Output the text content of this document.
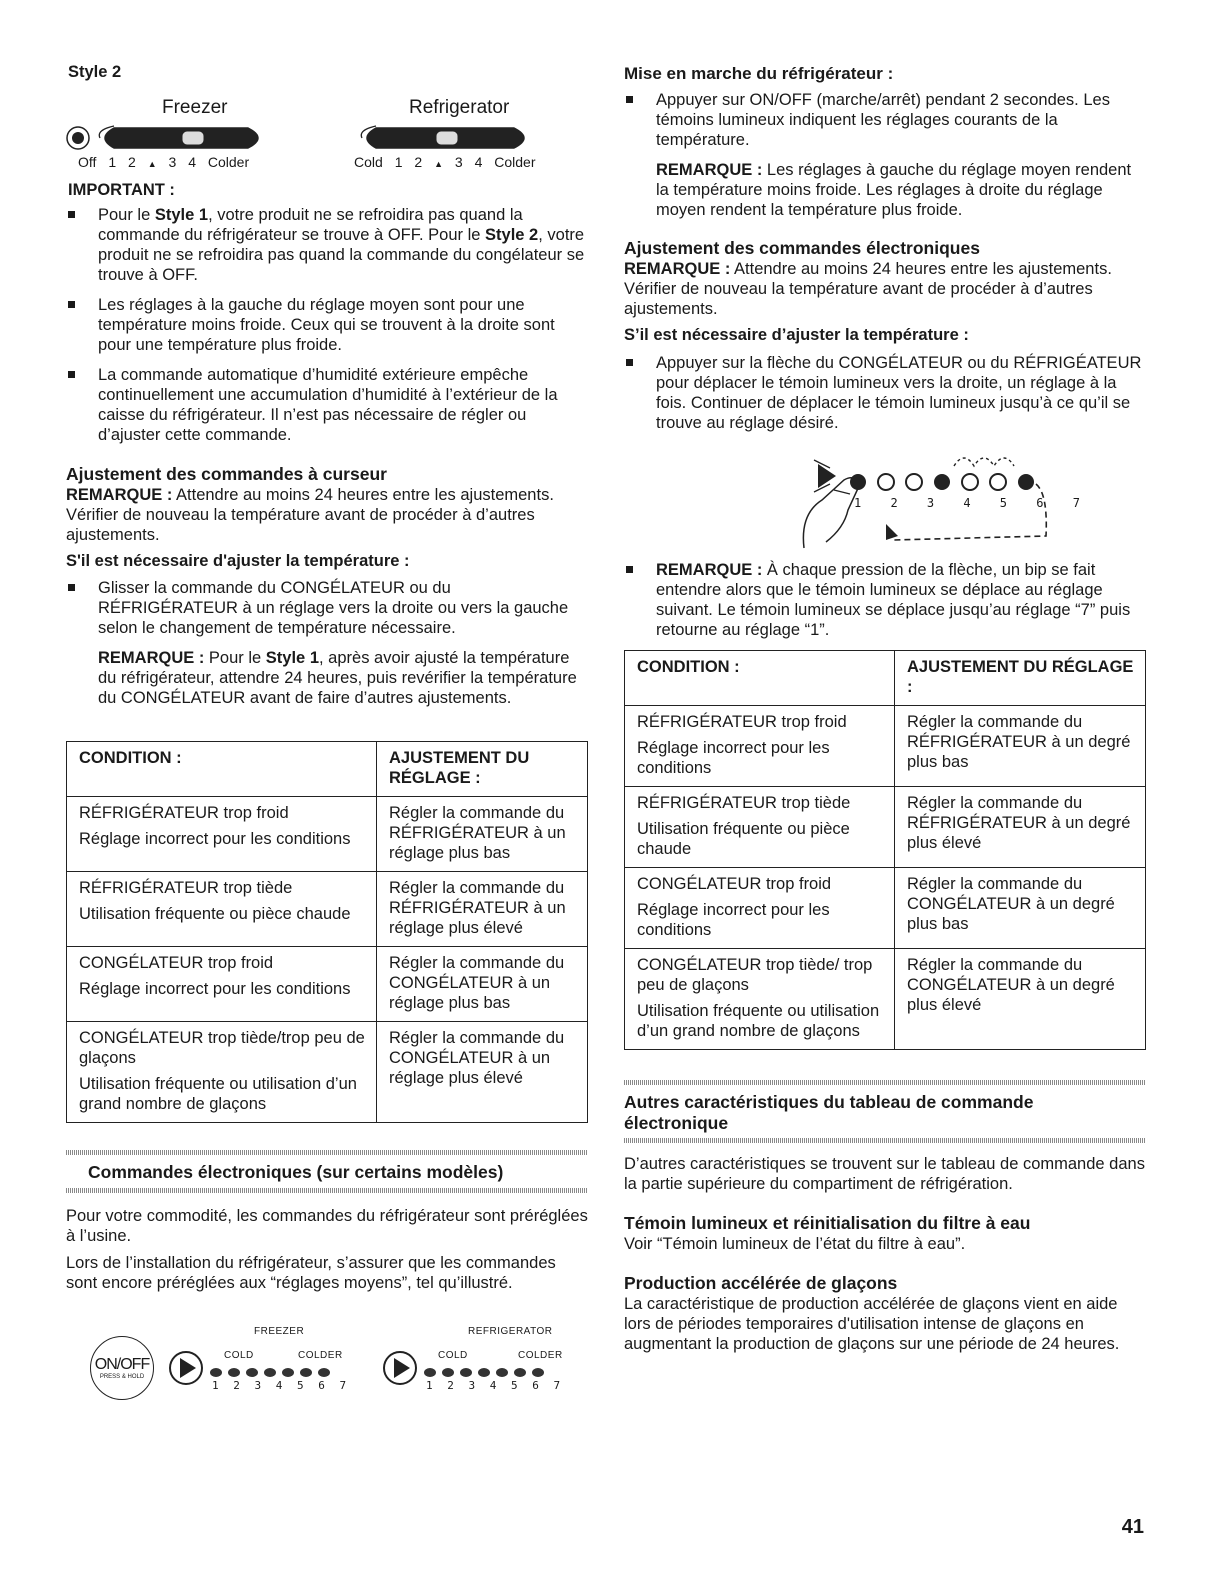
Style 2

Freezer	Refrigerator
Off 1 2 ▲ 3 4 Colder	Cold 1 2 ▲ 3 4 Colder

IMPORTANT :

Pour le Style 1, votre produit ne se refroidira pas quand la commande du réfrigérateur se trouve à OFF. Pour le Style 2, votre produit ne se refroidira pas quand la commande du congélateur se trouve à OFF.

Les réglages à la gauche du réglage moyen sont pour une température moins froide. Ceux qui se trouvent à la droite sont pour une température plus froide.

La commande automatique d’humidité extérieure empêche continuellement une accumulation d’humidité à l’extérieur de la caisse du réfrigérateur. Il n’est pas nécessaire de régler ou d’ajuster cette commande.

Ajustement des commandes à curseur

REMARQUE : Attendre au moins 24 heures entre les ajustements. Vérifier de nouveau la température avant de procéder à d’autres ajustements.

S'il est nécessaire d'ajuster la température :

Glisser la commande du CONGÉLATEUR ou du RÉFRIGÉRATEUR à un réglage vers la droite ou vers la gauche selon le changement de température nécessaire.

REMARQUE : Pour le Style 1, après avoir ajusté la température du réfrigérateur, attendre 24 heures, puis revérifier la température du CONGÉLATEUR avant de faire d’autres ajustements.

CONDITION :	AJUSTEMENT DU RÉGLAGE :

RÉFRIGÉRATEUR trop froid

Réglage incorrect pour les conditions	Régler la commande du RÉFRIGÉRATEUR à un réglage plus bas

RÉFRIGÉRATEUR trop tiède

Utilisation fréquente ou pièce chaude	Régler la commande du RÉFRIGÉRATEUR à un réglage plus élevé

CONGÉLATEUR trop froid

Réglage incorrect pour les conditions	Régler la commande du CONGÉLATEUR à un réglage plus bas

CONGÉLATEUR trop tiède/trop peu de glaçons

Utilisation fréquente ou utilisation d’un grand nombre de glaçons	Régler la commande du CONGÉLATEUR à un réglage plus élevé

Commandes électroniques (sur certains modèles)

Pour votre commodité, les commandes du réfrigérateur sont préréglées à l’usine.

Lors de l’installation du réfrigérateur, s’assurer que les commandes sont encore préréglées aux “réglages moyens”, tel qu’illustré.

FREEZER	REFRIGERATOR
ON/OFF
PRESS & HOLD
COLD	COLDER
1 2 3 4 5 6 7
COLD	COLDER
1 2 3 4 5 6 7
Mise en marche du réfrigérateur :

Appuyer sur ON/OFF (marche/arrêt) pendant 2 secondes. Les témoins lumineux indiquent les réglages courants de la température.

REMARQUE : Les réglages à gauche du réglage moyen rendent la température moins froide. Les réglages à droite du réglage moyen rendent la température plus froide.

Ajustement des commandes électroniques

REMARQUE : Attendre au moins 24 heures entre les ajustements. Vérifier de nouveau la température avant de procéder à d’autres ajustements.

S’il est nécessaire d’ajuster la température :

Appuyer sur la flèche du CONGÉLATEUR ou du RÉFRIGÉATEUR pour déplacer le témoin lumineux vers la droite, un réglage à la fois. Continuer de déplacer le témoin lumineux jusqu’à ce qu’il se trouve au réglage désiré.

1 2 3 4 5 6 7

REMARQUE : À chaque pression de la flèche, un bip se fait entendre alors que le témoin lumineux se déplace au réglage suivant. Le témoin lumineux se déplace jusqu’au réglage “7” puis retourne au réglage “1”.

CONDITION :	AJUSTEMENT DU RÉGLAGE :

RÉFRIGÉRATEUR trop froid

Réglage incorrect pour les conditions	Régler la commande du RÉFRIGÉRATEUR à un degré plus bas

RÉFRIGÉRATEUR trop tiède

Utilisation fréquente ou pièce chaude	Régler la commande du RÉFRIGÉRATEUR à un degré plus élevé

CONGÉLATEUR trop froid

Réglage incorrect pour les conditions	Régler la commande du CONGÉLATEUR à un degré plus bas

CONGÉLATEUR trop tiède/ trop peu de glaçons

Utilisation fréquente ou utilisation d’un grand nombre de glaçons	Régler la commande du CONGÉLATEUR à un degré plus élevé

Autres caractéristiques du tableau de commande électronique

D’autres caractéristiques se trouvent sur le tableau de commande dans la partie supérieure du compartiment de réfrigération.

Témoin lumineux et réinitialisation du filtre à eau

Voir “Témoin lumineux de l’état du filtre à eau”.

Production accélérée de glaçons

La caractéristique de production accélérée de glaçons vient en aide lors de périodes temporaires d'utilisation intense de glaçons en augmentant la production de glaçons sur une période de 24 heures.

41
